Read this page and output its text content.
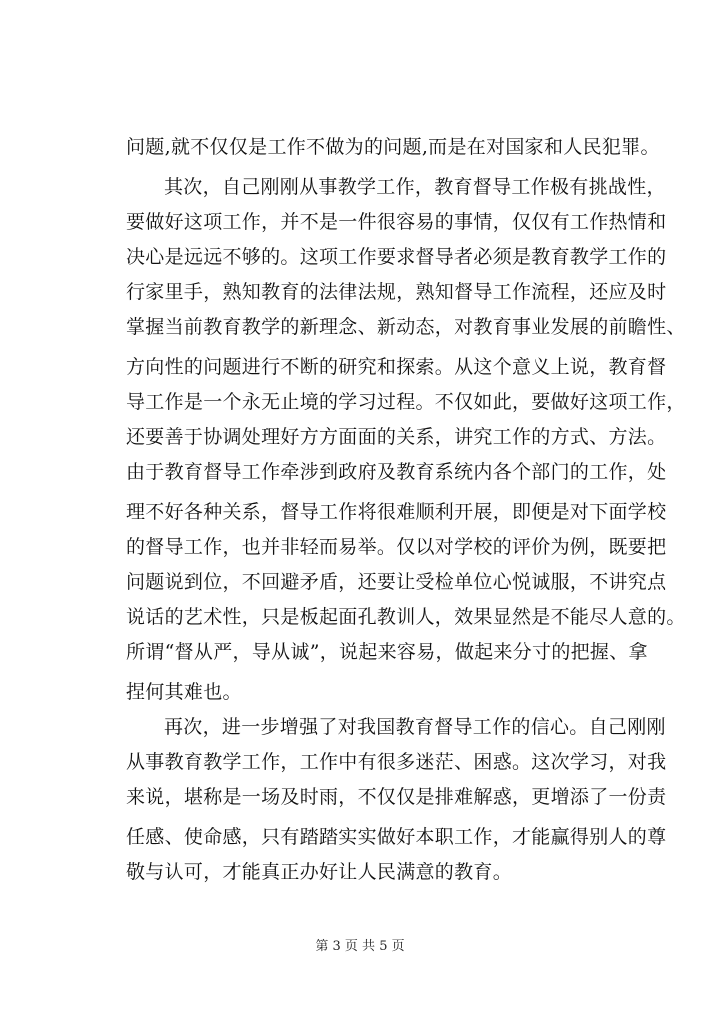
问题,就不仅仅是工作不做为的问题,而是在对国家和人民犯罪。
其次，自己刚刚从事教学工作，教育督导工作极有挑战性，
要做好这项工作，并不是一件很容易的事情，仅仅有工作热情和
决心是远远不够的。这项工作要求督导者必须是教育教学工作的
行家里手，熟知教育的法律法规，熟知督导工作流程，还应及时
掌握当前教育教学的新理念、新动态，对教育事业发展的前瞻性、
方向性的问题进行不断的研究和探索。从这个意义上说，教育督
导工作是一个永无止境的学习过程。不仅如此，要做好这项工作，
还要善于协调处理好方方面面的关系，讲究工作的方式、方法。
由于教育督导工作牵涉到政府及教育系统内各个部门的工作，处
理不好各种关系，督导工作将很难顺利开展，即便是对下面学校
的督导工作，也并非轻而易举。仅以对学校的评价为例，既要把
问题说到位，不回避矛盾，还要让受检单位心悦诚服，不讲究点
说话的艺术性，只是板起面孔教训人，效果显然是不能尽人意的。
所谓“督从严，导从诚”，说起来容易，做起来分寸的把握、拿
捏何其难也。
再次，进一步增强了对我国教育督导工作的信心。自己刚刚
从事教育教学工作，工作中有很多迷茫、困惑。这次学习，对我
来说，堪称是一场及时雨，不仅仅是排难解惑，更增添了一份责
任感、使命感，只有踏踏实实做好本职工作，才能赢得别人的尊
敬与认可，才能真正办好让人民满意的教育。
第 3 页 共 5 页
